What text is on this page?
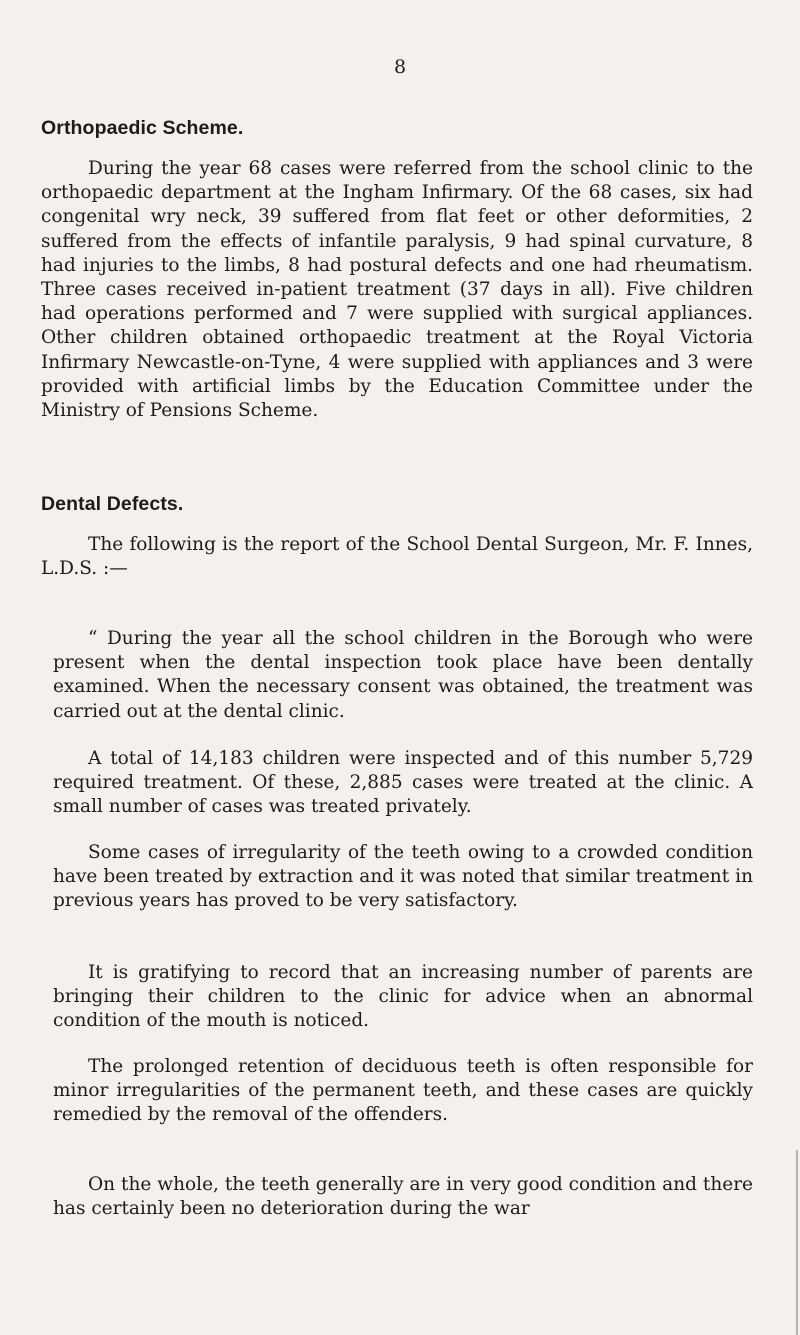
8
Orthopaedic Scheme.

During the year 68 cases were referred from the school clinic to the orthopaedic department at the Ingham Infirmary. Of the 68 cases, six had congenital wry neck, 39 suffered from flat feet or other deformities, 2 suffered from the effects of infantile paralysis, 9 had spinal curvature, 8 had injuries to the limbs, 8 had postural defects and one had rheumatism. Three cases received in-patient treatment (37 days in all). Five children had operations performed and 7 were supplied with surgical appliances. Other children obtained orthopaedic treatment at the Royal Victoria Infirmary Newcastle-on-Tyne, 4 were supplied with appliances and 3 were provided with artificial limbs by the Education Committee under the Ministry of Pensions Scheme.

Dental Defects.

The following is the report of the School Dental Surgeon, Mr. F. Innes, L.D.S. :—

“ During the year all the school children in the Borough who were present when the dental inspection took place have been dentally examined. When the necessary consent was obtained, the treatment was carried out at the dental clinic.

A total of 14,183 children were inspected and of this number 5,729 required treatment. Of these, 2,885 cases were treated at the clinic. A small number of cases was treated privately.

Some cases of irregularity of the teeth owing to a crowded condition have been treated by extraction and it was noted that similar treatment in previous years has proved to be very satisfactory.

It is gratifying to record that an increasing number of parents are bringing their children to the clinic for advice when an abnormal condition of the mouth is noticed.

The prolonged retention of deciduous teeth is often responsible for minor irregularities of the permanent teeth, and these cases are quickly remedied by the removal of the offenders.

On the whole, the teeth generally are in very good condition and there has certainly been no deterioration during the war
